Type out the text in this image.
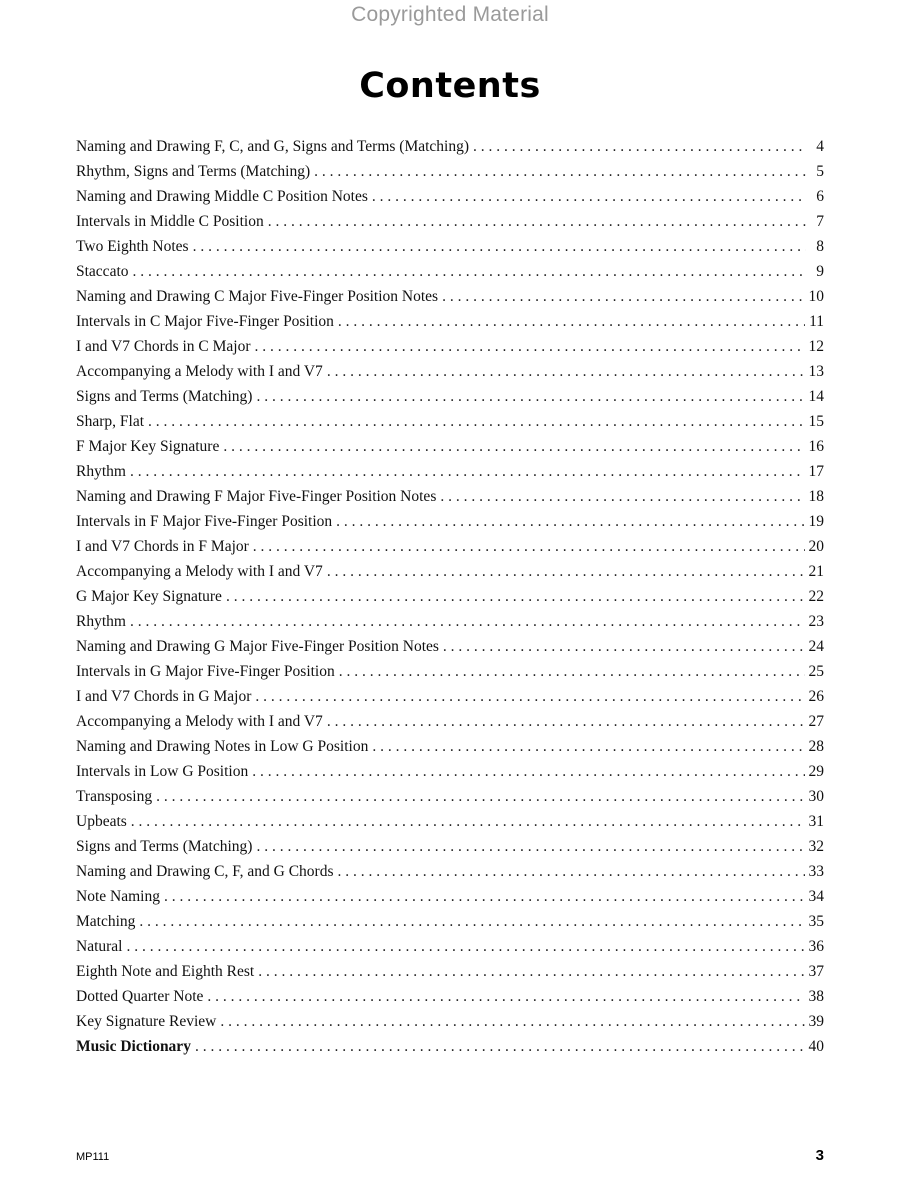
Copyrighted Material
Contents
Naming and Drawing F, C, and G, Signs and Terms (Matching) . . .	4
Rhythm, Signs and Terms (Matching) . . .	5
Naming and Drawing Middle C Position Notes . . .	6
Intervals in Middle C Position . . .	7
Two Eighth Notes . . .	8
Staccato . . .	9
Naming and Drawing C Major Five-Finger Position Notes . . .	10
Intervals in C Major Five-Finger Position . . .	11
I and V7 Chords in C Major . . .	12
Accompanying a Melody with I and V7 . . .	13
Signs and Terms (Matching) . . .	14
Sharp, Flat . . .	15
F Major Key Signature . . .	16
Rhythm . . .	17
Naming and Drawing F Major Five-Finger Position Notes . . .	18
Intervals in F Major Five-Finger Position . . .	19
I and V7 Chords in F Major . . .	20
Accompanying a Melody with I and V7 . . .	21
G Major Key Signature . . .	22
Rhythm . . .	23
Naming and Drawing G Major Five-Finger Position Notes . . .	24
Intervals in G Major Five-Finger Position . . .	25
I and V7 Chords in G Major . . .	26
Accompanying a Melody with I and V7 . . .	27
Naming and Drawing Notes in Low G Position . . .	28
Intervals in Low G Position . . .	29
Transposing . . .	30
Upbeats . . .	31
Signs and Terms (Matching) . . .	32
Naming and Drawing C, F, and G Chords . . .	33
Note Naming . . .	34
Matching . . .	35
Natural . . .	36
Eighth Note and Eighth Rest . . .	37
Dotted Quarter Note . . .	38
Key Signature Review . . .	39
Music Dictionary . . .	40
MP111	3
